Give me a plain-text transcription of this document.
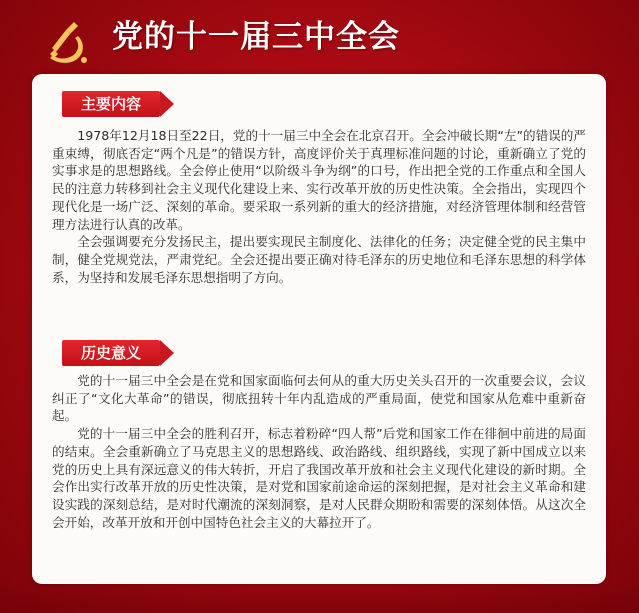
党的十一届三中全会
主要内容

1978年12月18日至22日，党的十一届三中全会在北京召开。全会冲破长期“左”的错误的严重束缚，彻底否定“两个凡是”的错误方针，高度评价关于真理标准问题的讨论，重新确立了党的实事求是的思想路线。全会停止使用“以阶级斗争为纲”的口号，作出把全党的工作重点和全国人民的注意力转移到社会主义现代化建设上来、实行改革开放的历史性决策。全会指出，实现四个现代化是一场广泛、深刻的革命。要采取一系列新的重大的经济措施，对经济管理体制和经营管理方法进行认真的改革。

全会强调要充分发扬民主，提出要实现民主制度化、法律化的任务；决定健全党的民主集中制，健全党规党法，严肃党纪。全会还提出要正确对待毛泽东的历史地位和毛泽东思想的科学体系，为坚持和发展毛泽东思想指明了方向。

历史意义

党的十一届三中全会是在党和国家面临何去何从的重大历史关头召开的一次重要会议，会议纠正了“文化大革命”的错误，彻底扭转十年内乱造成的严重局面，使党和国家从危难中重新奋起。

党的十一届三中全会的胜利召开，标志着粉碎“四人帮”后党和国家工作在徘徊中前进的局面的结束。全会重新确立了马克思主义的思想路线、政治路线、组织路线，实现了新中国成立以来党的历史上具有深远意义的伟大转折，开启了我国改革开放和社会主义现代化建设的新时期。全会作出实行改革开放的历史性决策，是对党和国家前途命运的深刻把握，是对社会主义革命和建设实践的深刻总结，是对时代潮流的深刻洞察，是对人民群众期盼和需要的深刻体悟。从这次全会开始，改革开放和开创中国特色社会主义的大幕拉开了。
